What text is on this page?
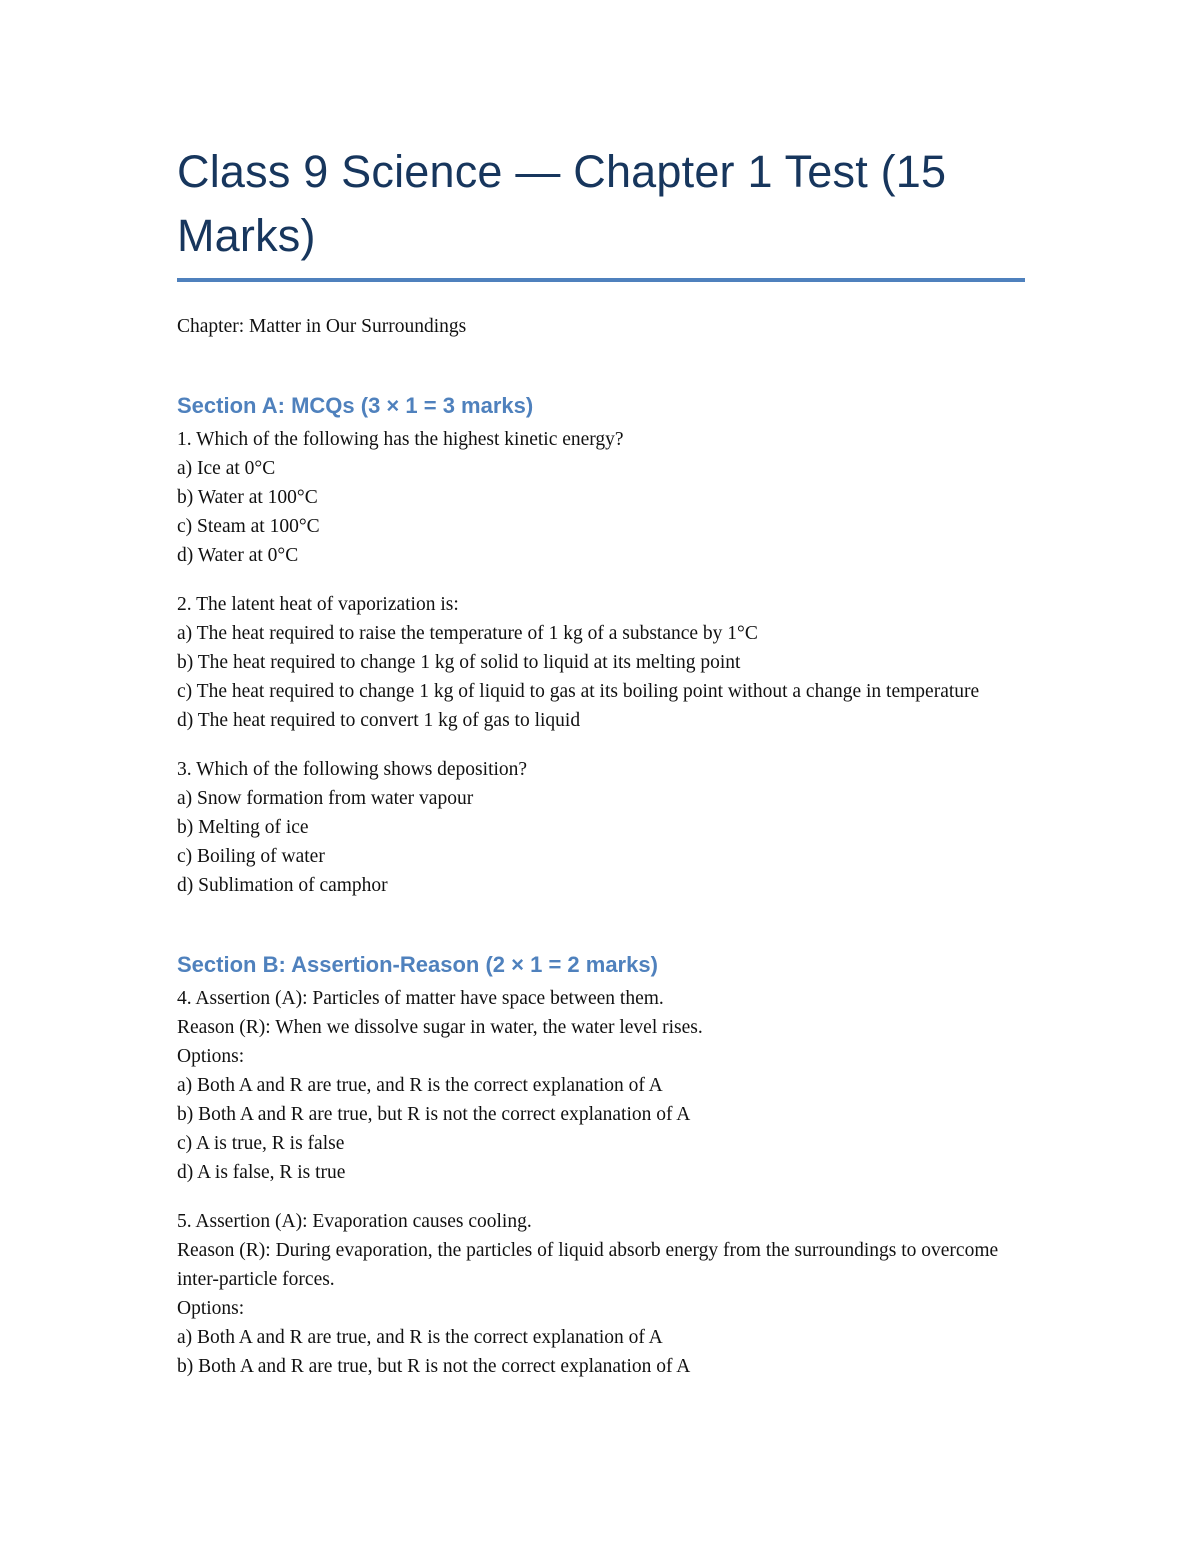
Class 9 Science — Chapter 1 Test (15 Marks)

Chapter: Matter in Our Surroundings

Section A: MCQs (3 × 1 = 3 marks)

1. Which of the following has the highest kinetic energy?

a) Ice at 0°C

b) Water at 100°C

c) Steam at 100°C

d) Water at 0°C

2. The latent heat of vaporization is:

a) The heat required to raise the temperature of 1 kg of a substance by 1°C

b) The heat required to change 1 kg of solid to liquid at its melting point

c) The heat required to change 1 kg of liquid to gas at its boiling point without a change in temperature

d) The heat required to convert 1 kg of gas to liquid

3. Which of the following shows deposition?

a) Snow formation from water vapour

b) Melting of ice

c) Boiling of water

d) Sublimation of camphor

Section B: Assertion-Reason (2 × 1 = 2 marks)

4. Assertion (A): Particles of matter have space between them.

Reason (R): When we dissolve sugar in water, the water level rises.

Options:

a) Both A and R are true, and R is the correct explanation of A

b) Both A and R are true, but R is not the correct explanation of A

c) A is true, R is false

d) A is false, R is true

5. Assertion (A): Evaporation causes cooling.

Reason (R): During evaporation, the particles of liquid absorb energy from the surroundings to overcome inter-particle forces.

Options:

a) Both A and R are true, and R is the correct explanation of A

b) Both A and R are true, but R is not the correct explanation of A
